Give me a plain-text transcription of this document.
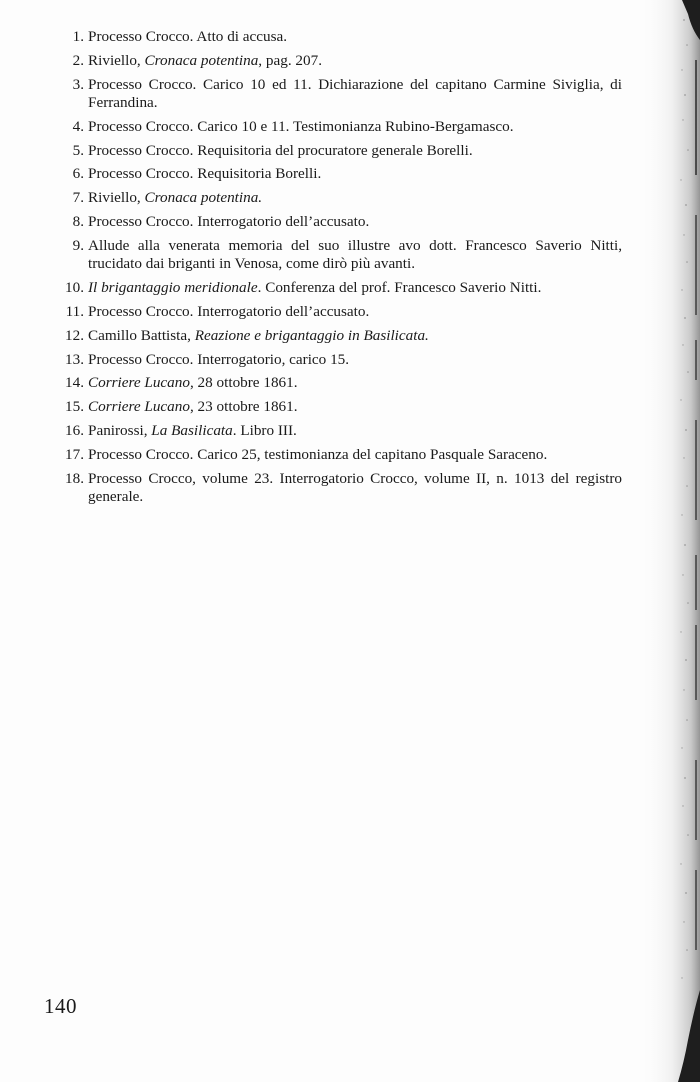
1. Processo Crocco. Atto di accusa.
2. Riviello, Cronaca potentina, pag. 207.
3. Processo Crocco. Carico 10 ed 11. Dichiarazione del capitano Carmine Siviglia, di Ferrandina.
4. Processo Crocco. Carico 10 e 11. Testimonianza Rubino-Bergamasco.
5. Processo Crocco. Requisitoria del procuratore generale Borelli.
6. Processo Crocco. Requisitoria Borelli.
7. Riviello, Cronaca potentina.
8. Processo Crocco. Interrogatorio dell’accusato.
9. Allude alla venerata memoria del suo illustre avo dott. Francesco Saverio Nitti, trucidato dai briganti in Venosa, come dirò più avanti.
10. Il brigantaggio meridionale. Conferenza del prof. Francesco Saverio Nitti.
11. Processo Crocco. Interrogatorio dell’accusato.
12. Camillo Battista, Reazione e brigantaggio in Basilicata.
13. Processo Crocco. Interrogatorio, carico 15.
14. Corriere Lucano, 28 ottobre 1861.
15. Corriere Lucano, 23 ottobre 1861.
16. Panirossi, La Basilicata. Libro III.
17. Processo Crocco. Carico 25, testimonianza del capitano Pasquale Saraceno.
18. Processo Crocco, volume 23. Interrogatorio Crocco, volume II, n. 1013 del registro generale.
140
